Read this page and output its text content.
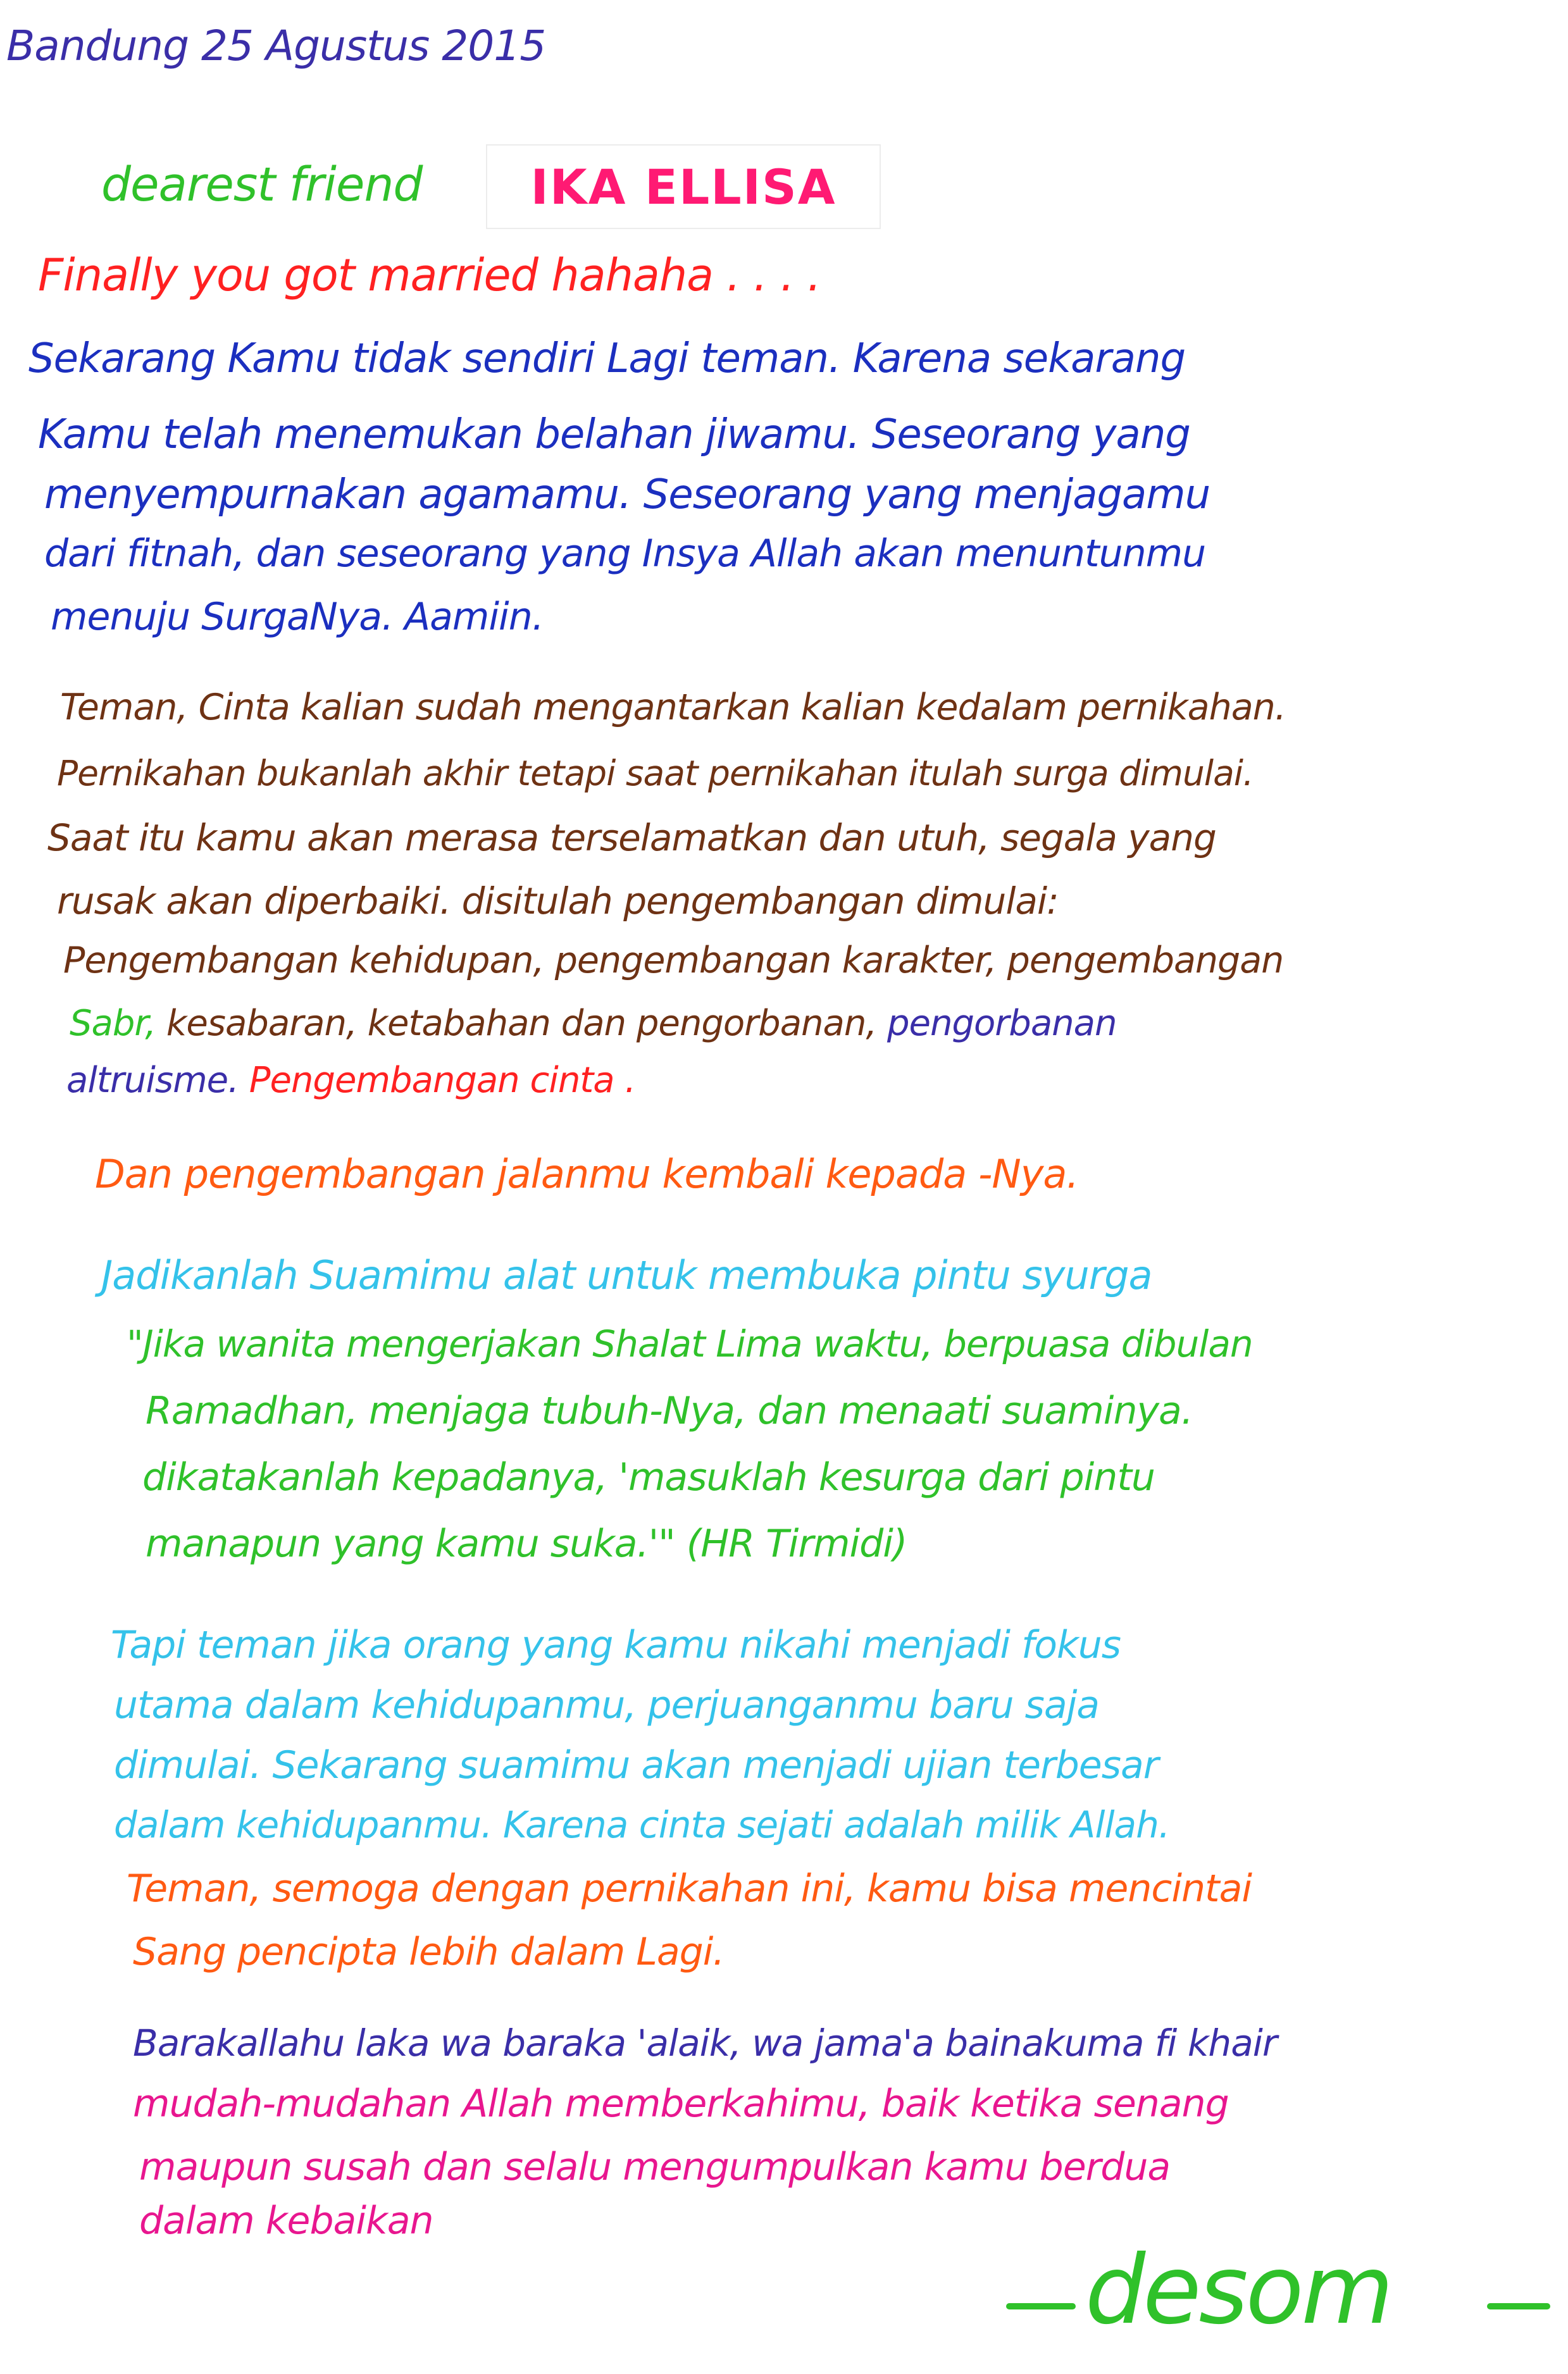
Bandung 25 Agustus 2015
dearest friend IKA ELLISA
Finally you got married hahaha . . . .
Sekarang Kamu tidak sendiri Lagi teman. Karena sekarang
Kamu telah menemukan belahan jiwamu. Seseorang yang
menyempurnakan agamamu. Seseorang yang menjagamu
dari fitnah, dan seseorang yang Insya Allah akan menuntunmu
menuju SurgaNya. Aamiin.
Teman, Cinta kalian sudah mengantarkan kalian kedalam pernikahan.
Pernikahan bukanlah akhir tetapi saat pernikahan itulah surga dimulai.
Saat itu kamu akan merasa terselamatkan dan utuh, segala yang
rusak akan diperbaiki. disitulah pengembangan dimulai:
Pengembangan kehidupan, pengembangan karakter, pengembangan
Sabr, kesabaran, ketabahan dan pengorbanan, pengorbanan
altruisme. Pengembangan cinta .
Dan pengembangan jalanmu kembali kepada -Nya.
Jadikanlah Suamimu alat untuk membuka pintu syurga
"Jika wanita mengerjakan Shalat Lima waktu, berpuasa dibulan
Ramadhan, menjaga tubuh-Nya, dan menaati suaminya.
dikatakanlah kepadanya, 'masuklah kesurga dari pintu
manapun yang kamu suka.'" (HR Tirmidi)
Tapi teman jika orang yang kamu nikahi menjadi fokus
utama dalam kehidupanmu, perjuanganmu baru saja
dimulai. Sekarang suamimu akan menjadi ujian terbesar
dalam kehidupanmu. Karena cinta sejati adalah milik Allah.
Teman, semoga dengan pernikahan ini, kamu bisa mencintai
Sang pencipta lebih dalam Lagi.
Barakallahu laka wa baraka 'alaik, wa jama'a bainakuma fi khair
mudah-mudahan Allah memberkahimu, baik ketika senang
maupun susah dan selalu mengumpulkan kamu berdua
dalam kebaikan
desom
